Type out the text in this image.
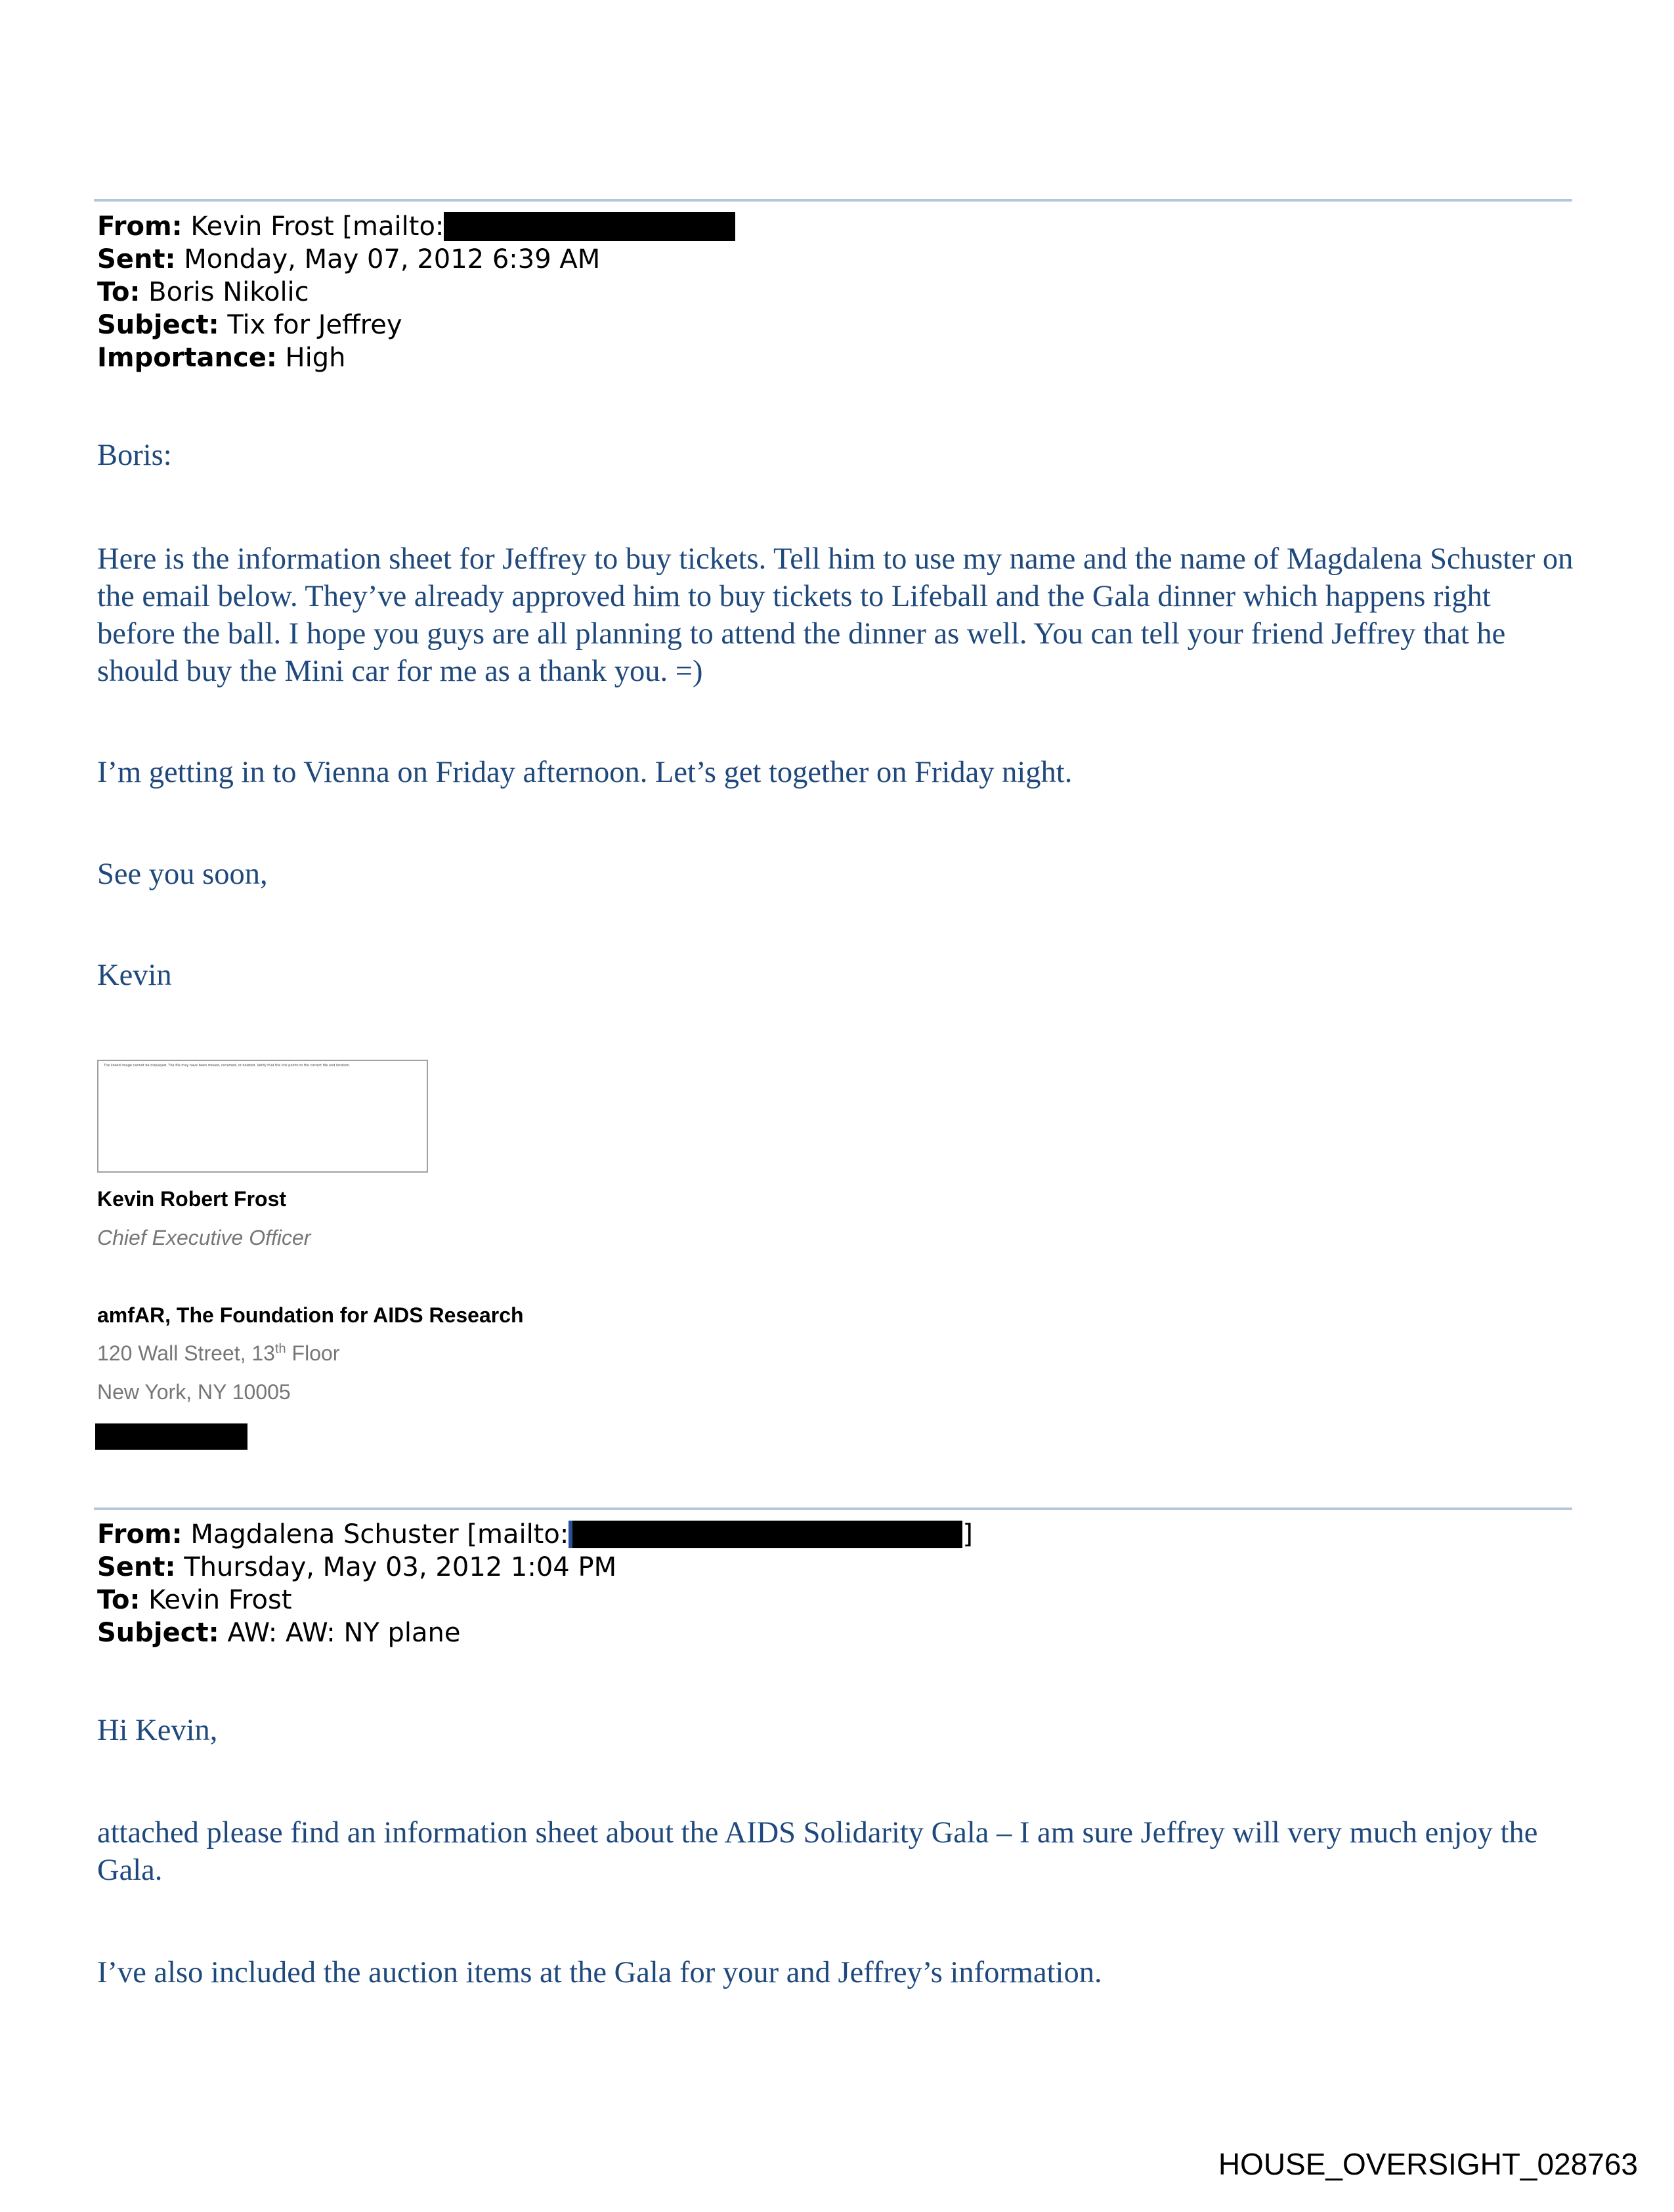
From: Kevin Frost [mailto:
Sent: Monday, May 07, 2012 6:39 AM
To: Boris Nikolic
Subject: Tix for Jeffrey
Importance: High

Boris:

Here is the information sheet for Jeffrey to buy tickets. Tell him to use my name and the name of Magdalena Schuster on the email below. They’ve already approved him to buy tickets to Lifeball and the Gala dinner which happens right before the ball. I hope you guys are all planning to attend the dinner as well. You can tell your friend Jeffrey that he should buy the Mini car for me as a thank you. =)

I’m getting in to Vienna on Friday afternoon. Let’s get together on Friday night.

See you soon,

Kevin

The linked image cannot be displayed. The file may have been moved, renamed, or deleted. Verify that the link points to the correct file and location.
Kevin Robert Frost
Chief Executive Officer
amfAR, The Foundation for AIDS Research
120 Wall Street, 13th Floor
New York, NY 10005
From: Magdalena Schuster [mailto:	]
Sent: Thursday, May 03, 2012 1:04 PM
To: Kevin Frost
Subject: AW: AW: NY plane

Hi Kevin,

attached please find an information sheet about the AIDS Solidarity Gala – I am sure Jeffrey will very much enjoy the Gala.

I’ve also included the auction items at the Gala for your and Jeffrey’s information.

HOUSE_OVERSIGHT_028763
